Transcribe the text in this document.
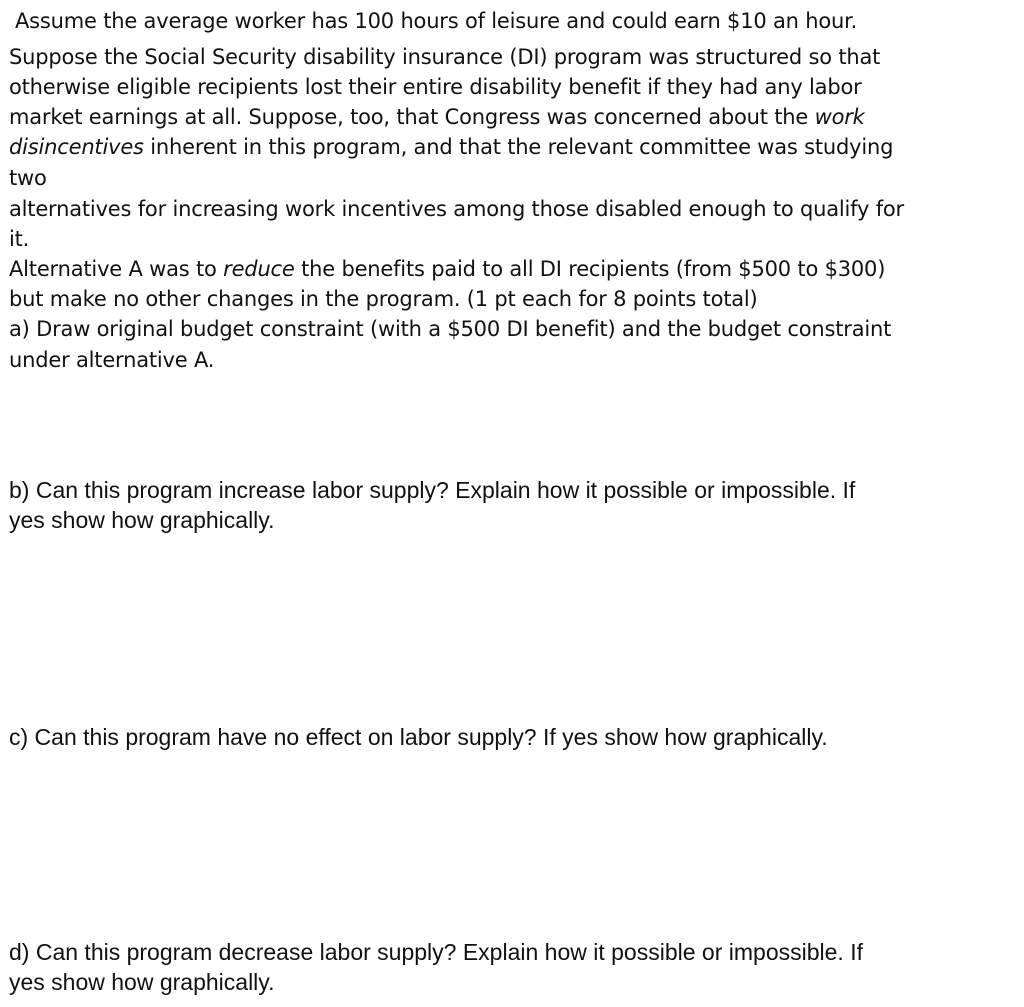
Assume the average worker has 100 hours of leisure and could earn $10 an hour.
Suppose the Social Security disability insurance (DI) program was structured so that
otherwise eligible recipients lost their entire disability benefit if they had any labor
market earnings at all. Suppose, too, that Congress was concerned about the work
disincentives inherent in this program, and that the relevant committee was studying
two
alternatives for increasing work incentives among those disabled enough to qualify for
it.
Alternative A was to reduce the benefits paid to all DI recipients (from $500 to $300)
but make no other changes in the program. (1 pt each for 8 points total)
a) Draw original budget constraint (with a $500 DI benefit) and the budget constraint
under alternative A.
b) Can this program increase labor supply? Explain how it possible or impossible. If
yes show how graphically.
c) Can this program have no effect on labor supply? If yes show how graphically.
d) Can this program decrease labor supply? Explain how it possible or impossible. If
yes show how graphically.
